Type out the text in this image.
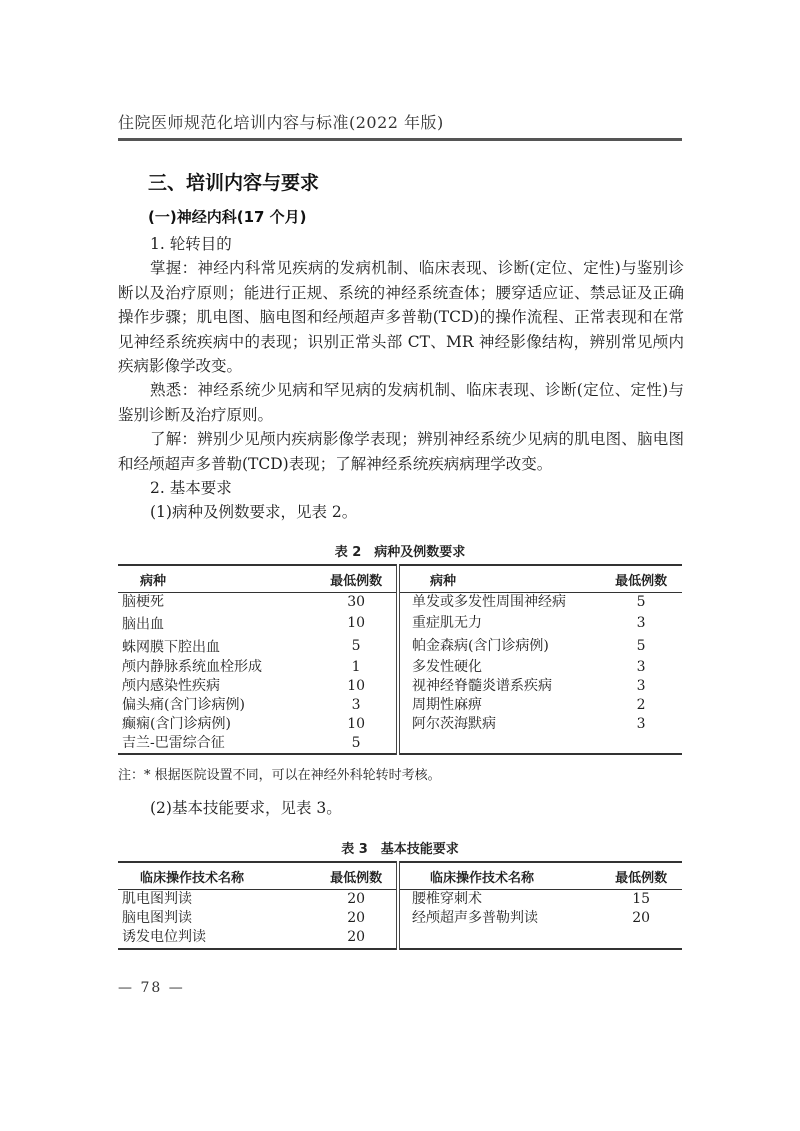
住院医师规范化培训内容与标准(2022 年版)
三、培训内容与要求
(一)神经内科(17 个月)
1. 轮转目的
掌握：神经内科常见疾病的发病机制、临床表现、诊断(定位、定性)与鉴别诊断以及治疗原则；能进行正规、系统的神经系统查体；腰穿适应证、禁忌证及正确操作步骤；肌电图、脑电图和经颅超声多普勒(TCD)的操作流程、正常表现和在常见神经系统疾病中的表现；识别正常头部 CT、MR 神经影像结构，辨别常见颅内疾病影像学改变。
熟悉：神经系统少见病和罕见病的发病机制、临床表现、诊断(定位、定性)与鉴别诊断及治疗原则。
了解：辨别少见颅内疾病影像学表现；辨别神经系统少见病的肌电图、脑电图和经颅超声多普勒(TCD)表现；了解神经系统疾病病理学改变。
2. 基本要求
(1)病种及例数要求，见表 2。
表 2　病种及例数要求
病种	最低例数		病种	最低例数
脑梗死	30		单发或多发性周围神经病	5
脑出血	10		重症肌无力	3
蛛网膜下腔出血	5		帕金森病(含门诊病例)	5
颅内静脉系统血栓形成	1		多发性硬化	3
颅内感染性疾病	10		视神经脊髓炎谱系疾病	3
偏头痛(含门诊病例)	3		周期性麻痹	2
癫痫(含门诊病例)	10		阿尔茨海默病	3
吉兰-巴雷综合征	5			
注：* 根据医院设置不同，可以在神经外科轮转时考核。
(2)基本技能要求，见表 3。
表 3　基本技能要求
临床操作技术名称	最低例数		临床操作技术名称	最低例数
肌电图判读	20		腰椎穿刺术	15
脑电图判读	20		经颅超声多普勒判读	20
诱发电位判读	20			
— 78 —
